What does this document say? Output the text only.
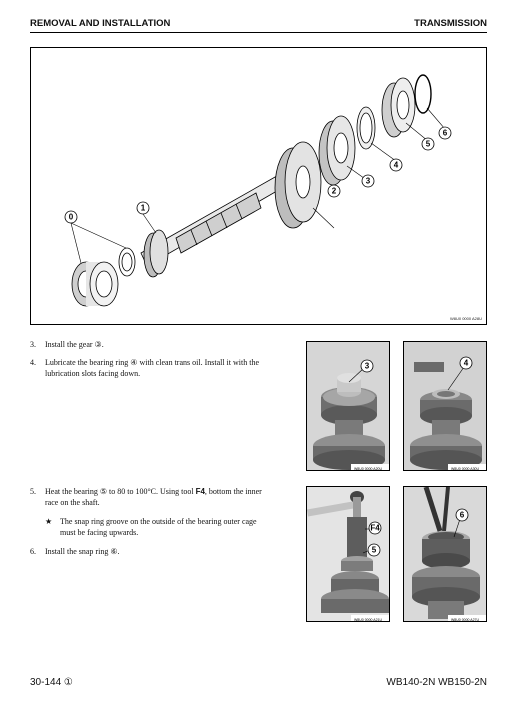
REMOVAL AND INSTALLATION	TRANSMISSION
0
1
2
3
4
5
6
W8U0 0000 A28U
3.	Install the gear ③.
4.	Lubricate the bearing ring ④ with clean trans oil. Install it with the
lubrication slots facing down.
5.	Heat the bearing ⑤ to 80 to 100°C. Using tool F4, bottom the inner
race on the shaft.
★ The snap ring groove on the outside of the bearing outer cage
must be facing upwards.
6.	Install the snap ring ⑥.
3
W8U0 0000 A20U
4
W8U0 0000 A30U
F4
5
W8U0 0000 A21U
6
W8U0 0000 A27U
30-144 ①	WB140-2N WB150-2N
